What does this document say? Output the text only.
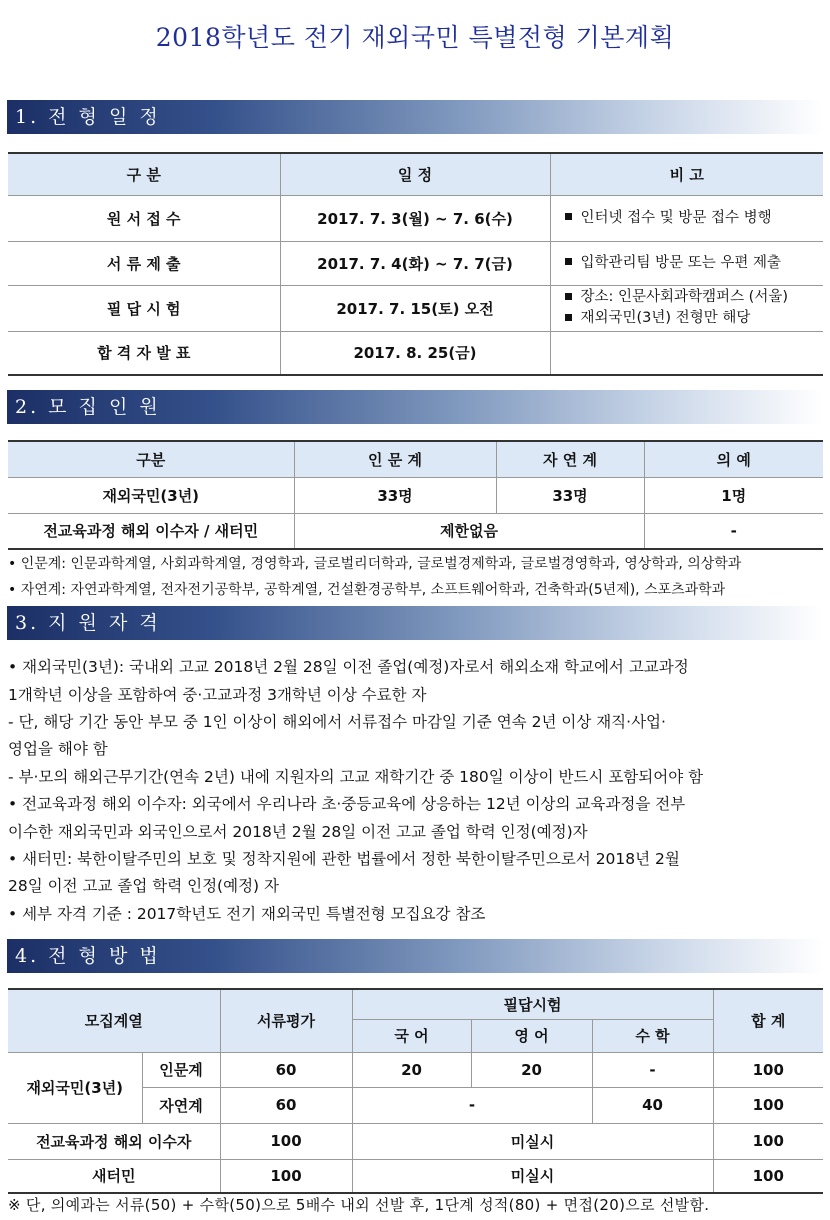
2018학년도 전기 재외국민 특별전형 기본계획
1. 전 형 일 정
구 분	일 정	비 고
원 서 접 수	2017. 7. 3(월) ~ 7. 6(수)	인터넷 접수 및 방문 접수 병행
서 류 제 출	2017. 7. 4(화) ~ 7. 7(금)	입학관리팀 방문 또는 우편 제출
필 답 시 험	2017. 7. 15(토) 오전	장소: 인문사회과학캠퍼스 (서울)
재외국민(3년) 전형만 해당

합 격 자 발 표	2017. 8. 25(금)	
2. 모 집 인 원
구분	인 문 계	자 연 계	의 예
재외국민(3년)	33명	33명	1명
전교육과정 해외 이수자 / 새터민	제한없음		-
• 인문계: 인문과학계열, 사회과학계열, 경영학과, 글로벌리더학과, 글로벌경제학과, 글로벌경영학과, 영상학과, 의상학과
• 자연계: 자연과학계열, 전자전기공학부, 공학계열, 건설환경공학부, 소프트웨어학과, 건축학과(5년제), 스포츠과학과
3. 지 원 자 격
• 재외국민(3년): 국내외 고교 2018년 2월 28일 이전 졸업(예정)자로서 해외소재 학교에서 고교과정
1개학년 이상을 포함하여 중·고교과정 3개학년 이상 수료한 자
- 단, 해당 기간 동안 부모 중 1인 이상이 해외에서 서류접수 마감일 기준 연속 2년 이상 재직·사업·
영업을 해야 함
- 부·모의 해외근무기간(연속 2년) 내에 지원자의 고교 재학기간 중 180일 이상이 반드시 포함되어야 함
• 전교육과정 해외 이수자: 외국에서 우리나라 초·중등교육에 상응하는 12년 이상의 교육과정을 전부
이수한 재외국민과 외국인으로서 2018년 2월 28일 이전 고교 졸업 학력 인정(예정)자
• 새터민: 북한이탈주민의 보호 및 정착지원에 관한 법률에서 정한 북한이탈주민으로서 2018년 2월
28일 이전 고교 졸업 학력 인정(예정) 자
• 세부 자격 기준 : 2017학년도 전기 재외국민 특별전형 모집요강 참조
4. 전 형 방 법
모집계열		서류평가	필답시험			합 계
			국 어	영 어	수 학	
재외국민(3년)	인문계	60	20	20	-	100
	자연계	60	-		40	100
전교육과정 해외 이수자		100	미실시			100
새터민		100	미실시			100
※ 단, 의예과는 서류(50) + 수학(50)으로 5배수 내외 선발 후, 1단계 성적(80) + 면접(20)으로 선발함.
